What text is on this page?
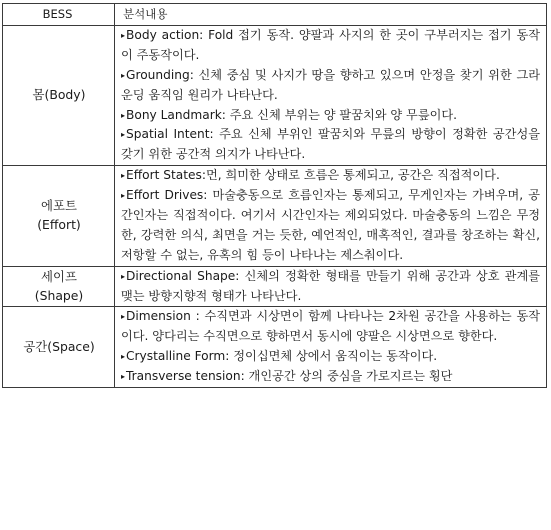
BESS	분석내용

몸(Body)	▸Body action: Fold 접기 동작. 양팔과 사지의 한 곳이 구부러지는 접기 동작이 주동작이다.
▸Grounding: 신체 중심 및 사지가 땅을 향하고 있으며 안정을 찾기 위한 그라운딩 움직임 원리가 나타난다.
▸Bony Landmark: 주요 신체 부위는 양 팔꿈치와 양 무릎이다.
▸Spatial Intent: 주요 신체 부위인 팔꿈치와 무릎의 방향이 정확한 공간성을 갖기 위한 공간적 의지가 나타난다.

에포트
(Effort)	▸Effort States:먼, 희미한 상태로 흐름은 통제되고, 공간은 직접적이다.
▸Effort Drives: 마술충동으로 흐름인자는 통제되고, 무게인자는 가벼우며, 공간인자는 직접적이다. 여기서 시간인자는 제외되었다. 마술충동의 느낌은 무정한, 강력한 의식, 최면을 거는 듯한, 예언적인, 매혹적인, 결과를 창조하는 확신, 저항할 수 없는, 유혹의 힘 등이 나타나는 제스춰이다.

세이프
(Shape)	▸Directional Shape: 신체의 정확한 형태를 만들기 위해 공간과 상호 관계를 맺는 방향지향적 형태가 나타난다.

공간(Space)	▸Dimension : 수직면과 시상면이 함께 나타나는 2차원 공간을 사용하는 동작이다. 양다리는 수직면으로 향하면서 동시에 양팔은 시상면으로 향한다.
▸Crystalline Form: 정이십면체 상에서 움직이는 동작이다.
▸Transverse tension: 개인공간 상의 중심을 가로지르는 횡단
